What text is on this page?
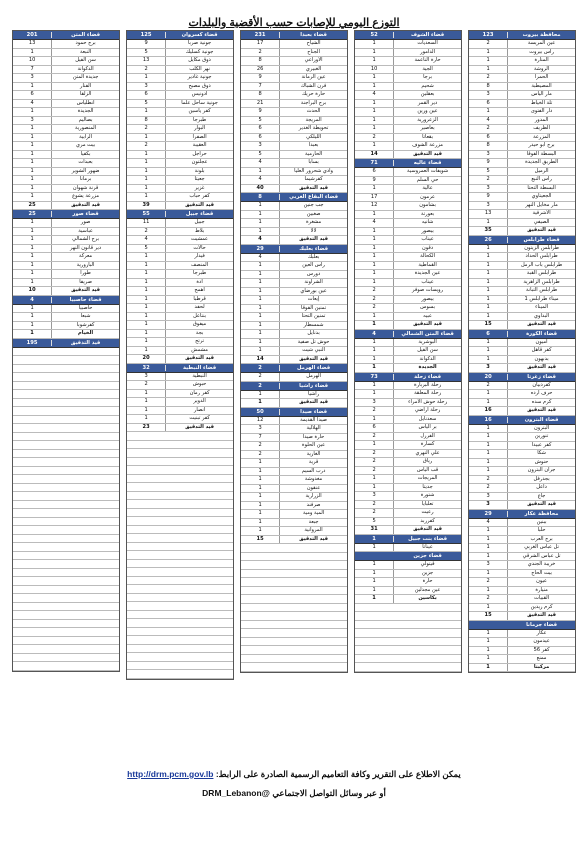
التوزع اليومي للإصابات حسب الأقضية والبلدات
محافظة بيروت
123
عين المريسة
2
رأس بيروت
1
المنارة
1
الروشة
1
الحمرا
2
المصيطبة
8
مار الياس
3
تلة الخياط
6
دار الفتوى
1
المدور
4
الظريف
2
المزرعة
6
برج أبو حيدر
8
البسطة الفوقا
3
الطريق الجديدة
9
الرميل
5
رأس النبع
2
البسطة التحتا
3
الجعيتاوي
9
مار مخايل النهر
3
الأشرفية
13
الصيفي
1
قيد التدقيق
35
قضاء طرابلس
26
طرابلس الزيتون
1
طرابلس الحداد
1
طرابلس باب الرمل
1
طرابلس القبة
1
طرابلس الزاهرية
1
طرابلس التبانة
1
ميناء طرابلس 1
1
الميناء
1
البداوي
1
قيد التدقيق
15
قضاء الكورة
6
أميون
1
كفر قاهل
1
بدبهون
1
قيد التدقيق
3
قضاء زغرتا
20
كفرذبيان
2
حرف ارده
1
كرم سده
1
قيد التدقيق
16
قضاء البترون
16
البترون
1
تنورين
1
كفر عبيدا
1
شكا
1
حنوش
1
جران البترون
1
بجدرفل
2
داعل
2
جاع
3
قيد التدقيق
3
محافظة عكار
29
ببنين
4
حلبا
1
برج العرب
1
تل عباس الغربي
1
تل عباس الشرقي
1
خريبة الجندي
3
بيت الحاج
1
عيون
2
منيارة
1
القبيات
2
كرم زيدين
1
قيد التدقيق
15
قضاء جرمانا
عكار
1
عيدمون
1
كفر 56
1
ممنع
1
مركبتا
1
قضاء الشوف
52
السعديات
1
الدامور
1
حارة الناعمة
1
الجية
10
برجا
1
شحيم
1
بعقلين
4
دير القمر
1
عين وزين
1
الزعرورية
1
بعاصير
1
بقعاتا
2
مزرعة الشوف
1
قيد التدقيق
14
قضاء عاليه
71
شويفات العمروسية
6
حي السلم
9
عالية
1
عرمون
17
بشامون
12
بعورتة
1
شانيه
4
بيصور
1
عيناب
1
دقون
1
الكحالة
1
القماطية
1
عين الجديدة
1
عيناب
1
رويسات صوفر
2
بيصور
2
بسوس
2
عبيه
1
قيد التدقيق
1
قضاء المتن الشمالي
4
البوشرية
1
سن الفيل
1
الدكوانة
1
الجديدة
1
قضاء زحلة
73
زحلة البربارة
1
زحلة المعلقة
1
زحلة حوش الأمراء
3
زحلة أراضي
2
سعدنايل
1
بر الياس
6
الفرزل
2
كسارة
1
علي النهري
2
رياق
2
قب الياس
2
المريجات
1
جديتا
1
شتورة
3
تعلبايا
2
رعيت
2
كفرزبد
5
قيد التدقيق
31
قضاء بنت جبيل
1
عيناتا
1
قضاء جزين
قيتولي
1
جزين
1
حارة
1
عين مجدلين
1
بكاسين
1
قضاء بعبدا
231
الشياح
17
الجناح
2
الأوزاعي
8
الغبيري
26
عين الرمانة
9
فرن الشباك
7
حارة حريك
8
برج البراجنة
21
الحدث
9
المريجة
5
تحويطة الغدير
6
الليلكي
6
بعبدا
3
الحازمية
5
بسابا
4
وادي شحرور العليا
1
كفرشيما
4
قيد التدقيق
40
قضاء البقاع الغربي
8
جب جنين
1
صغبين
1
مشغرة
1
لالا
1
قيد التدقيق
4
قضاء بعلبك
29
بعلبك
4
رأس العين
1
دورس
1
الشراونة
1
عين بورضاي
1
إيعات
1
تمنين الفوقا
1
تمنين التحتا
1
شمسطار
1
بدنايل
1
حوش تل صفية
1
النبي شيت
1
قيد التدقيق
14
قضاء الهرمل
2
الهرمل
2
قضاء راشيا
2
راشيا
1
قيد التدقيق
1
قضاء صيدا
50
صيدا القديمة
12
الهلالية
3
حارة صيدا
7
عين الحلوة
2
الغازية
2
قرية
1
درب السيم
1
مغدوشة
1
عنقون
1
الزرارية
1
صرفند
1
المية ومية
1
جبعة
1
المروانية
1
قيد التدقيق
15
قضاء كسروان
125
جونية صربا
9
جونية كسليك
5
ذوق مكايل
13
نهر الكلب
2
جونية غادير
1
ذوق مصبح
3
أدونيس
6
جونية ساحل علما
5
كفر ياسين
1
طبرجا
8
البوار
2
الصفرا
1
العقيبة
2
حراجل
1
عجلتون
1
بلونة
1
جعيتا
1
غزير
1
كفر حباب
1
قيد التدقيق
39
قضاء جبيل
55
جبيل
11
بلاط
2
عمشيت
4
حالات
5
فيدار
1
المنصف
1
طبرجا
1
ادة
1
اهمج
1
قرطبا
1
لحفد
1
بنتاعل
1
ميفوق
1
بجة
1
ترتج
1
مشمش
1
قيد التدقيق
20
قضاء النبطية
32
النبطية
3
حبوش
2
كفر رمان
1
الدوير
1
انصار
1
كفر تبنيت
1
قيد التدقيق
23
قضاء المتن
201
برج حمود
13
النبعة
1
سن الفيل
10
الدكوانة
7
جديدة المتن
3
الفنار
1
الزلقا
6
انطلياس
4
الجديدة
1
بصاليم
3
المنصورية
1
الرابية
1
بيت مري
1
بكفيا
1
بعبدات
1
ضهور الشوير
1
برمانا
1
قرنة شهوان
1
مزرعة يشوع
1
قيد التدقيق
25
قضاء صور
25
صور
1
عباسية
1
برج الشمالي
1
دير قانون النهر
1
معركة
1
البازورية
1
طورا
1
صريفا
1
قيد التدقيق
10
قضاء حاصبيا
4
حاصبيا
1
شبعا
1
كفرشوبا
1
الخيام
1
قيد التدقيق
195
يمكن الاطلاع على التقرير وكافة التعاميم الرسمية الصادرة على الرابط: http://drm.pcm.gov.lb
أو عبر وسائل التواصل الاجتماعي @DRM_Lebanon
